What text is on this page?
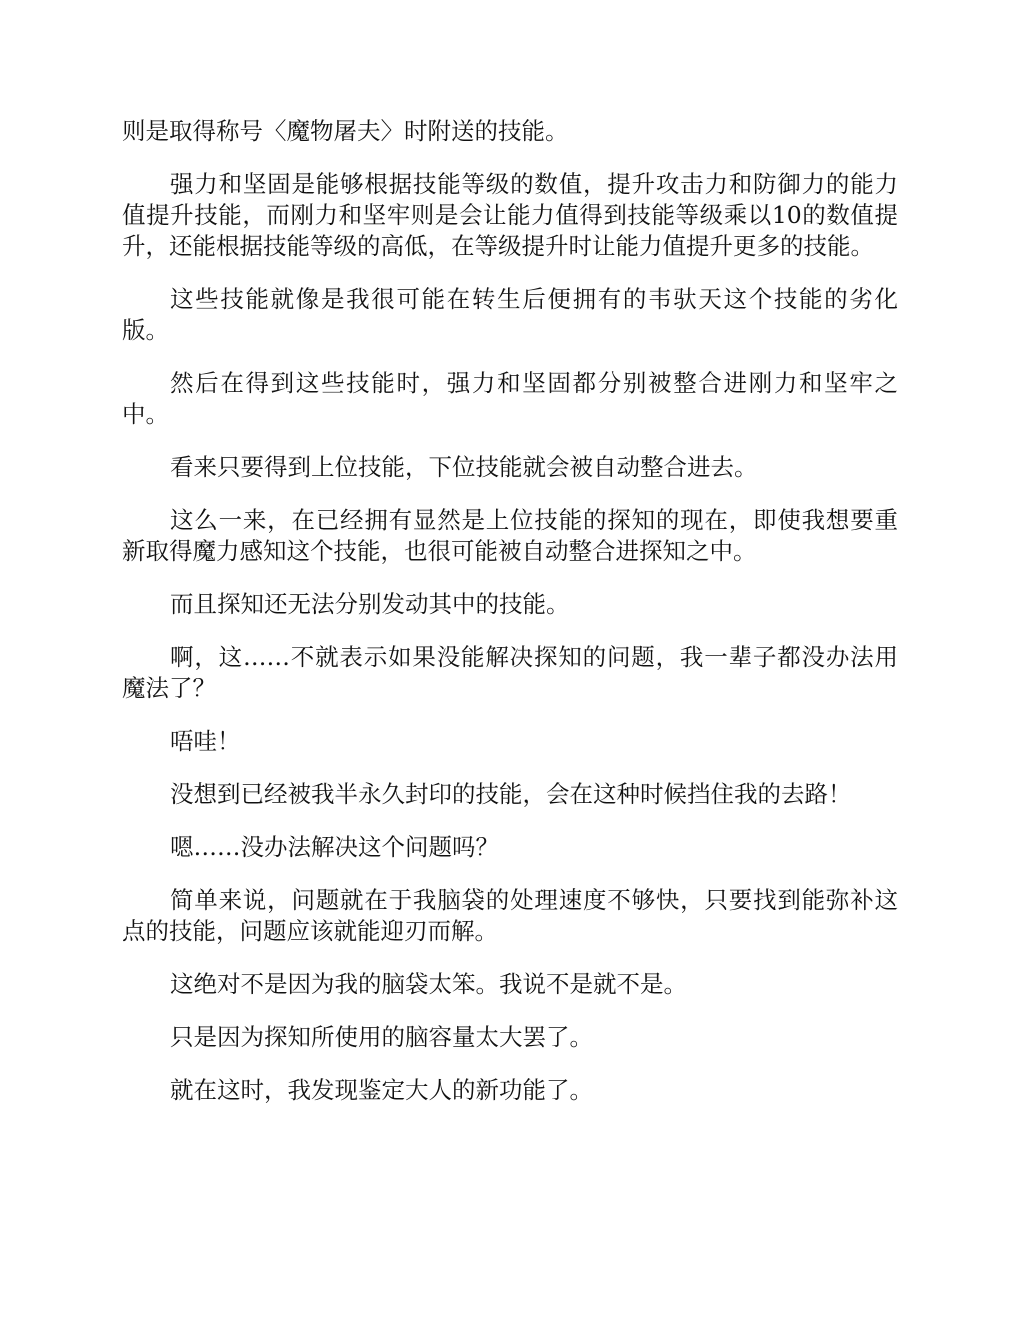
则是取得称号〈魔物屠夫〉时附送的技能。

强力和坚固是能够根据技能等级的数值，提升攻击力和防御力的能力值提升技能，而刚力和坚牢则是会让能力值得到技能等级乘以10的数值提升，还能根据技能等级的高低，在等级提升时让能力值提升更多的技能。

这些技能就像是我很可能在转生后便拥有的韦驮天这个技能的劣化版。

然后在得到这些技能时，强力和坚固都分别被整合进刚力和坚牢之中。

看来只要得到上位技能，下位技能就会被自动整合进去。

这么一来，在已经拥有显然是上位技能的探知的现在，即使我想要重新取得魔力感知这个技能，也很可能被自动整合进探知之中。

而且探知还无法分别发动其中的技能。

啊，这……不就表示如果没能解决探知的问题，我一辈子都没办法用魔法了？

唔哇！

没想到已经被我半永久封印的技能，会在这种时候挡住我的去路！

嗯……没办法解决这个问题吗？

简单来说，问题就在于我脑袋的处理速度不够快，只要找到能弥补这点的技能，问题应该就能迎刃而解。

这绝对不是因为我的脑袋太笨。我说不是就不是。

只是因为探知所使用的脑容量太大罢了。

就在这时，我发现鉴定大人的新功能了。
